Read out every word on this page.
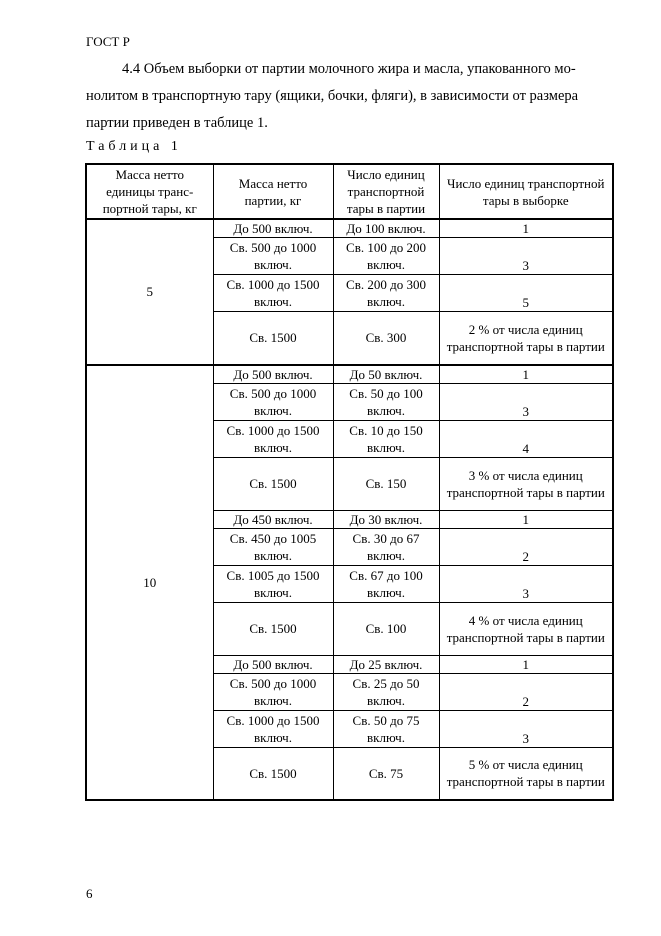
ГОСТ Р
4.4 Объем выборки от партии молочного жира и масла, упакованного мо-
нолитом в транспортную тару (ящики, бочки, фляги), в зависимости от размера
партии приведен в таблице 1.
Таблица 1
Масса нетто единицы транс- портной тары, кг	Масса нетто партии, кг	Число единиц транспортной тары в партии	Число единиц транспортной тары в выборке
5	До 500 включ.	До 100 включ.	1
	Св. 500 до 1000 включ.	Св. 100 до 200 включ.	3
	Св. 1000 до 1500 включ.	Св. 200 до 300 включ.	5
	Св. 1500	Св. 300	2 % от числа единиц транспортной тары в партии
10	До 500 включ.	До 50 включ.	1
	Св. 500 до 1000 включ.	Св. 50 до 100 включ.	3
	Св. 1000 до 1500 включ.	Св. 10 до 150 включ.	4
	Св. 1500	Св. 150	3 % от числа единиц транспортной тары в партии
	До 450 включ.	До 30 включ.	1
	Св. 450 до 1005 включ.	Св. 30 до 67 включ.	2
	Св. 1005 до 1500 включ.	Св. 67 до 100 включ.	3
	Св. 1500	Св. 100	4 % от числа единиц транспортной тары в партии
	До 500 включ.	До 25 включ.	1
	Св. 500 до 1000 включ.	Св. 25 до 50 включ.	2
	Св. 1000 до 1500 включ.	Св. 50 до 75 включ.	3
	Св. 1500	Св. 75	5 % от числа единиц транспортной тары в партии
6
